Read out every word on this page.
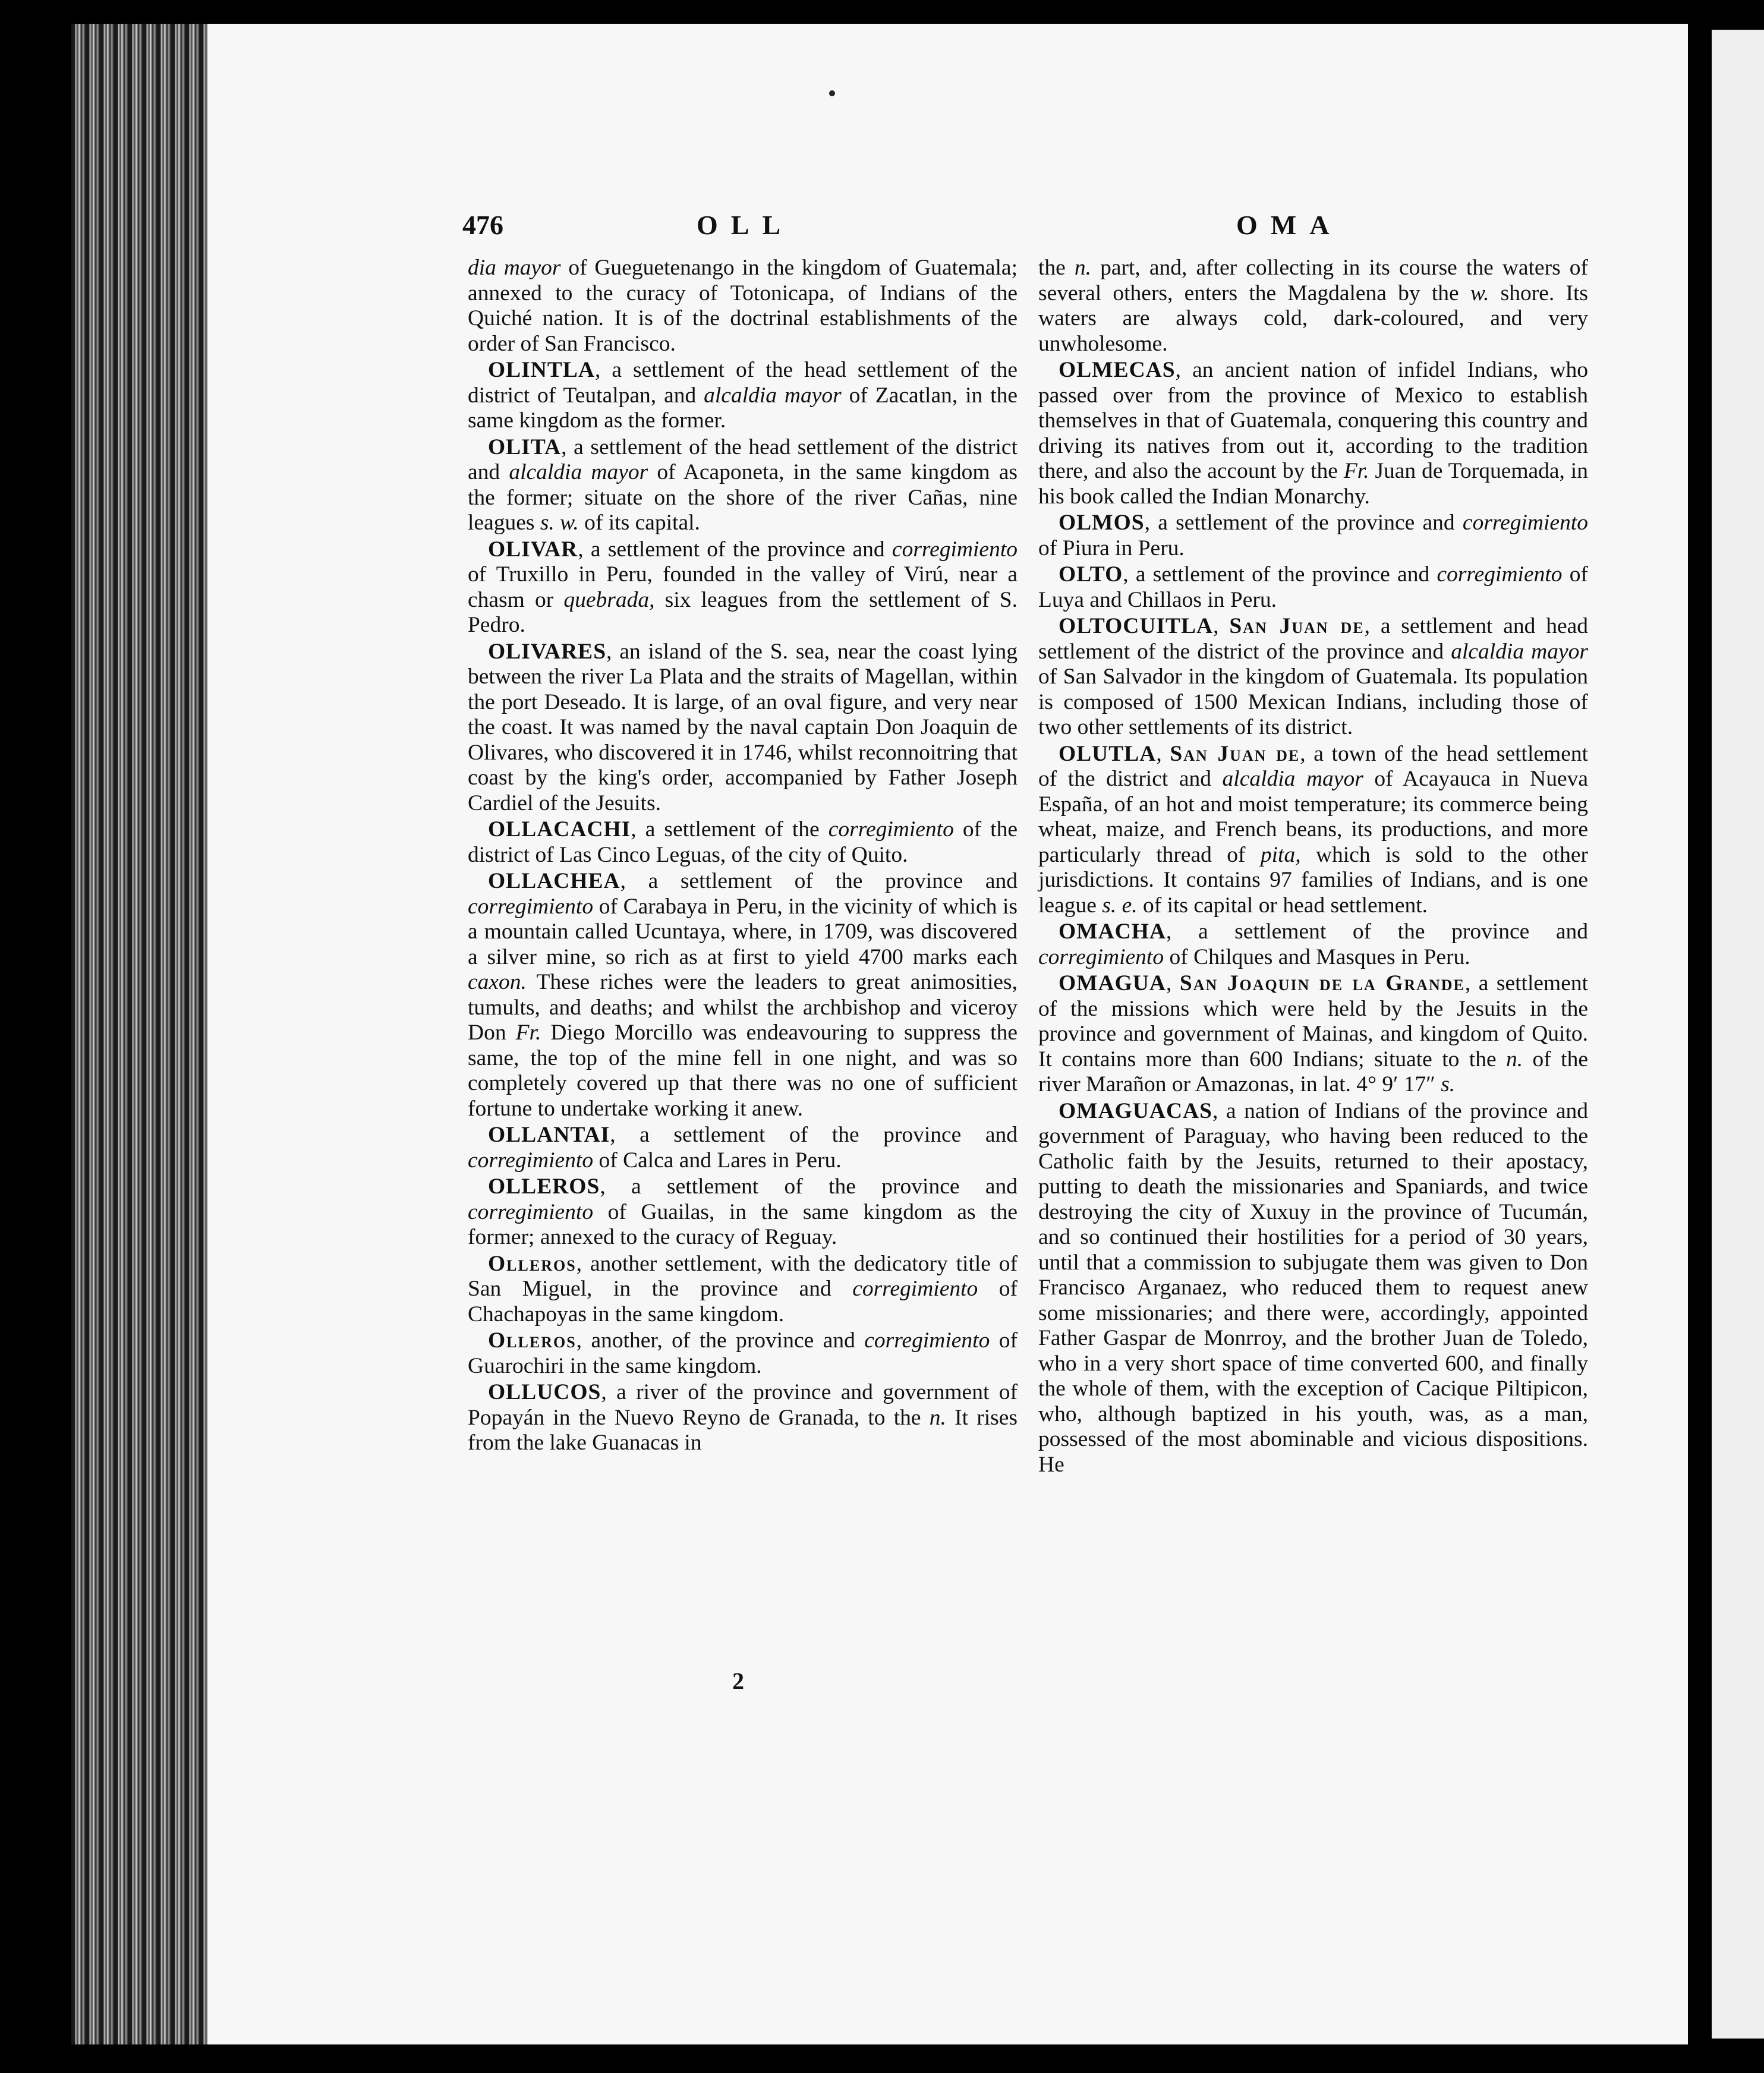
476	OLL	OMA

dia mayor of Gueguetenango in the kingdom of Guatemala; annexed to the curacy of Totonicapa, of Indians of the Quiché nation. It is of the doctrinal establishments of the order of San Francisco.

OLINTLA, a settlement of the head settlement of the district of Teutalpan, and alcaldia mayor of Zacatlan, in the same kingdom as the former.

OLITA, a settlement of the head settlement of the district and alcaldia mayor of Acaponeta, in the same kingdom as the former; situate on the shore of the river Cañas, nine leagues s. w. of its capital.

OLIVAR, a settlement of the province and corregimiento of Truxillo in Peru, founded in the valley of Virú, near a chasm or quebrada, six leagues from the settlement of S. Pedro.

OLIVARES, an island of the S. sea, near the coast lying between the river La Plata and the straits of Magellan, within the port Deseado. It is large, of an oval figure, and very near the coast. It was named by the naval captain Don Joaquin de Olivares, who discovered it in 1746, whilst reconnoitring that coast by the king's order, accompanied by Father Joseph Cardiel of the Jesuits.

OLLACACHI, a settlement of the corregimiento of the district of Las Cinco Leguas, of the city of Quito.

OLLACHEA, a settlement of the province and corregimiento of Carabaya in Peru, in the vicinity of which is a mountain called Ucuntaya, where, in 1709, was discovered a silver mine, so rich as at first to yield 4700 marks each caxon. These riches were the leaders to great animosities, tumults, and deaths; and whilst the archbishop and viceroy Don Fr. Diego Morcillo was endeavouring to suppress the same, the top of the mine fell in one night, and was so completely covered up that there was no one of sufficient fortune to undertake working it anew.

OLLANTAI, a settlement of the province and corregimiento of Calca and Lares in Peru.

OLLEROS, a settlement of the province and corregimiento of Guailas, in the same kingdom as the former; annexed to the curacy of Reguay.

Olleros, another settlement, with the dedicatory title of San Miguel, in the province and corregimiento of Chachapoyas in the same kingdom.

Olleros, another, of the province and corregimiento of Guarochiri in the same kingdom.

OLLUCOS, a river of the province and government of Popayán in the Nuevo Reyno de Granada, to the n. It rises from the lake Guanacas in

the n. part, and, after collecting in its course the waters of several others, enters the Magdalena by the w. shore. Its waters are always cold, dark-coloured, and very unwholesome.

OLMECAS, an ancient nation of infidel Indians, who passed over from the province of Mexico to establish themselves in that of Guatemala, conquering this country and driving its natives from out it, according to the tradition there, and also the account by the Fr. Juan de Torquemada, in his book called the Indian Monarchy.

OLMOS, a settlement of the province and corregimiento of Piura in Peru.

OLTO, a settlement of the province and corregimiento of Luya and Chillaos in Peru.

OLTOCUITLA, San Juan de, a settlement and head settlement of the district of the province and alcaldia mayor of San Salvador in the kingdom of Guatemala. Its population is composed of 1500 Mexican Indians, including those of two other settlements of its district.

OLUTLA, San Juan de, a town of the head settlement of the district and alcaldia mayor of Acayauca in Nueva España, of an hot and moist temperature; its commerce being wheat, maize, and French beans, its productions, and more particularly thread of pita, which is sold to the other jurisdictions. It contains 97 families of Indians, and is one league s. e. of its capital or head settlement.

OMACHA, a settlement of the province and corregimiento of Chilques and Masques in Peru.

OMAGUA, San Joaquin de la Grande, a settlement of the missions which were held by the Jesuits in the province and government of Mainas, and kingdom of Quito. It contains more than 600 Indians; situate to the n. of the river Marañon or Amazonas, in lat. 4° 9′ 17″ s.

OMAGUACAS, a nation of Indians of the province and government of Paraguay, who having been reduced to the Catholic faith by the Jesuits, returned to their apostacy, putting to death the missionaries and Spaniards, and twice destroying the city of Xuxuy in the province of Tucumán, and so continued their hostilities for a period of 30 years, until that a commission to subjugate them was given to Don Francisco Arganaez, who reduced them to request anew some missionaries; and there were, accordingly, appointed Father Gaspar de Monrroy, and the brother Juan de Toledo, who in a very short space of time converted 600, and finally the whole of them, with the exception of Cacique Piltipicon, who, although baptized in his youth, was, as a man, possessed of the most abominable and vicious dispositions. He

2
